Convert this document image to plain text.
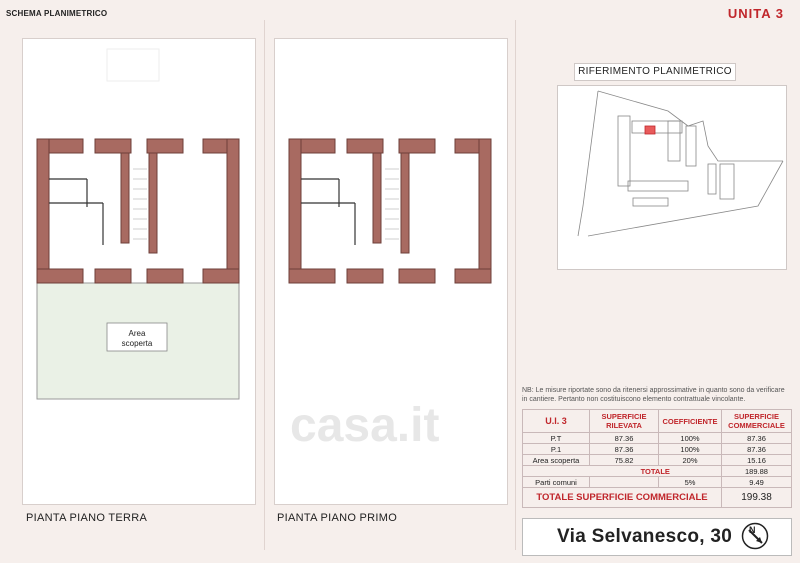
SCHEMA PLANIMETRICO	UNITA 3
Area
scoperta
PIANTA PIANO TERRA	PIANTA PIANO PRIMO
casa.it
RIFERIMENTO PLANIMETRICO
NB: Le misure riportate sono da ritenersi approssimative in quanto sono da verificare in cantiere. Pertanto non costituiscono elemento contrattuale vincolante.
U.I. 3	SUPERFICIE RILEVATA	COEFFICIENTE	SUPERFICIE COMMERCIALE
P.T	87.36	100%	87.36
P.1	87.36	100%	87.36
Area scoperta	75.82	20%	15.16
	TOTALE		189.88
Parti comuni		5%	9.49
TOTALE SUPERFICIE COMMERCIALE			199.38
Via Selvanesco, 30 N
